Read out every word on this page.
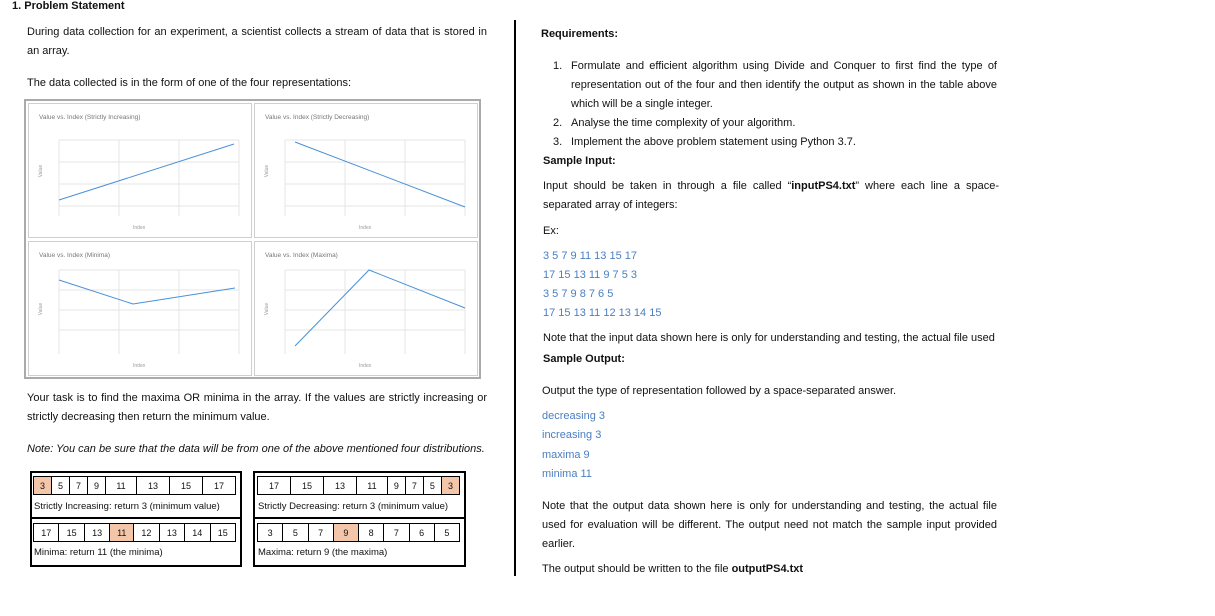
1. Problem Statement
During data collection for an experiment, a scientist collects a stream of data that is stored in an array.
The data collected is in the form of one of the four representations:
Value vs. Index (Strictly Increasing)
Value
Index
Value vs. Index (Strictly Decreasing)
Value
Index
Value vs. Index (Minima)
Value
Index
Value vs. Index (Maxima)
Value
Index
Your task is to find the maxima OR minima in the array. If the values are strictly increasing or strictly decreasing then return the minimum value.
Note: You can be sure that the data will be from one of the above mentioned four distributions.
3	5	7	9	11	13	15	17
Strictly Increasing: return 3 (minimum value)
17	15	13	11	9	7	5	3
Strictly Decreasing: return 3 (minimum value)
17	15	13	11	12	13	14	15
Minima: return 11 (the minima)
3	5	7	9	8	7	6	5
Maxima: return 9 (the maxima)
Requirements:
1. Formulate and efficient algorithm using Divide and Conquer to first find the type of representation out of the four and then identify the output as shown in the table above which will be a single integer.
2. Analyse the time complexity of your algorithm.
3. Implement the above problem statement using Python 3.7.
Sample Input:
Input should be taken in through a file called “inputPS4.txt” where each line a space-separated array of integers:
Ex:
3 5 7 9 11 13 15 17
17 15 13 11 9 7 5 3
3 5 7 9 8 7 6 5
17 15 13 11 12 13 14 15
Note that the input data shown here is only for understanding and testing, the actual file used
Sample Output:
Output the type of representation followed by a space-separated answer.
decreasing 3
increasing 3
maxima 9
minima 11
Note that the output data shown here is only for understanding and testing, the actual file used for evaluation will be different. The output need not match the sample input provided earlier.
The output should be written to the file outputPS4.txt
